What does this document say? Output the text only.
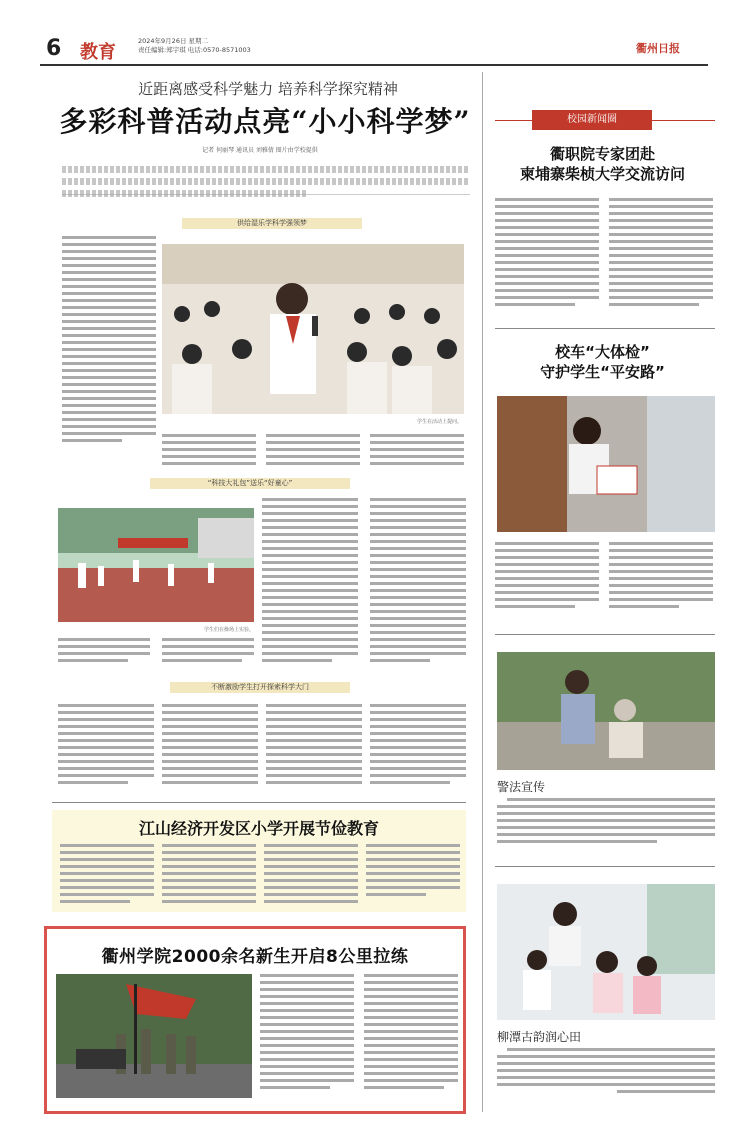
6 教育
2024年9月26日 星期二
责任编辑:郑宇琪 电话:0570-8571003	衢州日报
近距离感受科学魅力 培养科学探究精神
多彩科普活动点亮“小小科学梦”
记者 何丽琴 通讯员 刘雅倩 图片由学校提供
供给湿乐学科学强领梦
学生在活动上提问。
“科技大礼包”送乐“好童心”
学生们在操场上实验。
不断激励学生打开探索科学大门
江山经济开发区小学开展节俭教育
衢州学院2000余名新生开启8公里拉练
校园新闻圈
衢职院专家团赴
柬埔寨柴桢大学交流访问
校车“大体检”
守护学生“平安路”
警法宣传
柳潭古韵润心田
